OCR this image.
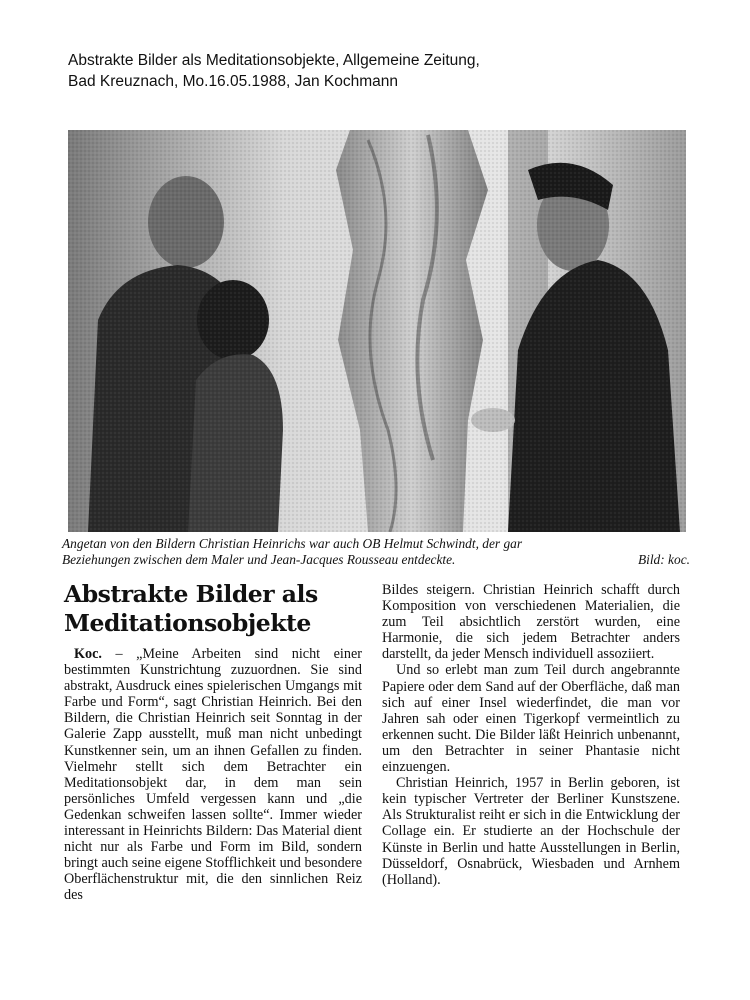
Abstrakte Bilder als Meditationsobjekte, Allgemeine Zeitung,
Bad Kreuznach, Mo.16.05.1988, Jan Kochmann
Angetan von den Bildern Christian Heinrichs war auch OB Helmut Schwindt, der gar
Beziehungen zwischen dem Maler und Jean-Jacques Rousseau entdeckte.	Bild: koc.
Abstrakte Bilder als
Meditationsobjekte

Koc. – „Meine Arbeiten sind nicht einer bestimmten Kunstrichtung zuzuordnen. Sie sind abstrakt, Ausdruck eines spielerischen Umgangs mit Farbe und Form“, sagt Christian Heinrich. Bei den Bildern, die Christian Heinrich seit Sonntag in der Galerie Zapp ausstellt, muß man nicht unbedingt Kunstkenner sein, um an ihnen Gefallen zu finden. Vielmehr stellt sich dem Betrachter ein Meditationsobjekt dar, in dem man sein persönliches Umfeld vergessen kann und „die Gedenkan schweifen lassen sollte“. Immer wieder interessant in Heinrichts Bildern: Das Material dient nicht nur als Farbe und Form im Bild, sondern bringt auch seine eigene Stofflichkeit und besondere Oberflächenstruktur mit, die den sinnlichen Reiz des

Bildes steigern. Christian Heinrich schafft durch Komposition von verschiedenen Materialien, die zum Teil absichtlich zerstört wurden, eine Harmonie, die sich jedem Betrachter anders darstellt, da jeder Mensch individuell assoziiert.

Und so erlebt man zum Teil durch angebrannte Papiere oder dem Sand auf der Oberfläche, daß man sich auf einer Insel wiederfindet, die man vor Jahren sah oder einen Tigerkopf vermeintlich zu erkennen sucht. Die Bilder läßt Heinrich unbenannt, um den Betrachter in seiner Phantasie nicht einzuengen.

Christian Heinrich, 1957 in Berlin geboren, ist kein typischer Vertreter der Berliner Kunstszene. Als Strukturalist reiht er sich in die Entwicklung der Collage ein. Er studierte an der Hochschule der Künste in Berlin und hatte Ausstellungen in Berlin, Düsseldorf, Osnabrück, Wiesbaden und Arnhem (Holland).
